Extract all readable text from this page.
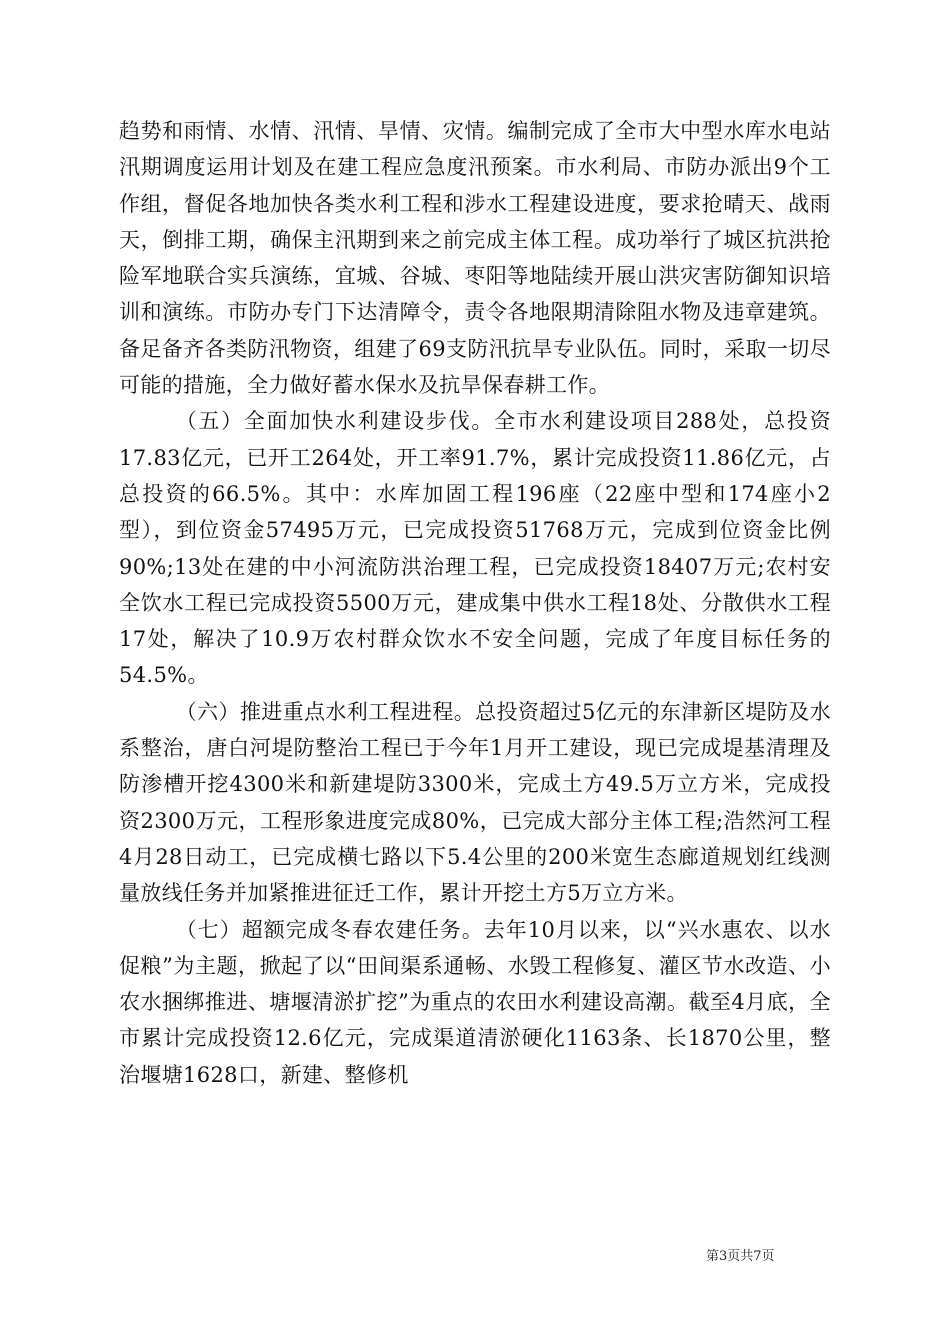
趋势和雨情、水情、汛情、旱情、灾情。编制完成了全市大中型水库水电站汛期调度运用计划及在建工程应急度汛预案。市水利局、市防办派出9个工作组，督促各地加快各类水利工程和涉水工程建设进度，要求抢晴天、战雨天，倒排工期，确保主汛期到来之前完成主体工程。成功举行了城区抗洪抢险军地联合实兵演练，宜城、谷城、枣阳等地陆续开展山洪灾害防御知识培训和演练。市防办专门下达清障令，责令各地限期清除阻水物及违章建筑。备足备齐各类防汛物资，组建了69支防汛抗旱专业队伍。同时，采取一切尽可能的措施，全力做好蓄水保水及抗旱保春耕工作。

（五）全面加快水利建设步伐。全市水利建设项目288处，总投资17.83亿元，已开工264处，开工率91.7%，累计完成投资11.86亿元，占总投资的66.5%。其中：水库加固工程196座（22座中型和174座小2型），到位资金57495万元，已完成投资51768万元，完成到位资金比例90%;13处在建的中小河流防洪治理工程，已完成投资18407万元;农村安全饮水工程已完成投资5500万元，建成集中供水工程18处、分散供水工程17处，解决了10.9万农村群众饮水不安全问题，完成了年度目标任务的54.5%。

（六）推进重点水利工程进程。总投资超过5亿元的东津新区堤防及水系整治，唐白河堤防整治工程已于今年1月开工建设，现已完成堤基清理及防渗槽开挖4300米和新建堤防3300米，完成土方49.5万立方米，完成投资2300万元，工程形象进度完成80%，已完成大部分主体工程;浩然河工程4月28日动工，已完成横七路以下5.4公里的200米宽生态廊道规划红线测量放线任务并加紧推进征迁工作，累计开挖土方5万立方米。

（七）超额完成冬春农建任务。去年10月以来，以“兴水惠农、以水促粮”为主题，掀起了以“田间渠系通畅、水毁工程修复、灌区节水改造、小农水捆绑推进、塘堰清淤扩挖”为重点的农田水利建设高潮。截至4月底，全市累计完成投资12.6亿元，完成渠道清淤硬化1163条、长1870公里，整治堰塘1628口，新建、整修机

第3页共7页
